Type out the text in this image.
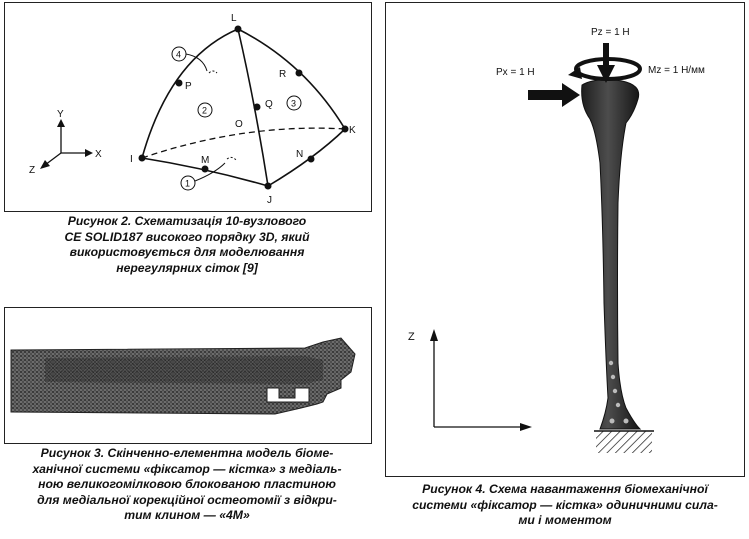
L
P
R
Q
O
K
I	M
N
J
4
2
3
1
Y
X
Z
Рисунок 2. Схематизація 10-вузлового
СЕ SOLID187 високого порядку 3D, який
використовується для моделювання
нерегулярних сіток [9]
Рисунок 3. Скінченно-елементна модель біоме-
ханічної системи «фіксатор — кістка» з медіаль-
ною великогомілковою блокованою пластиною
для медіальної корекційної остеотомії з відкри-
тим клином — «4М»
Pz = 1 H
Mz = 1 H/мм
Px = 1 H
Z
Рисунок 4. Схема навантаження біомеханічної
системи «фіксатор — кістка» одиничними сила-
ми і моментом
